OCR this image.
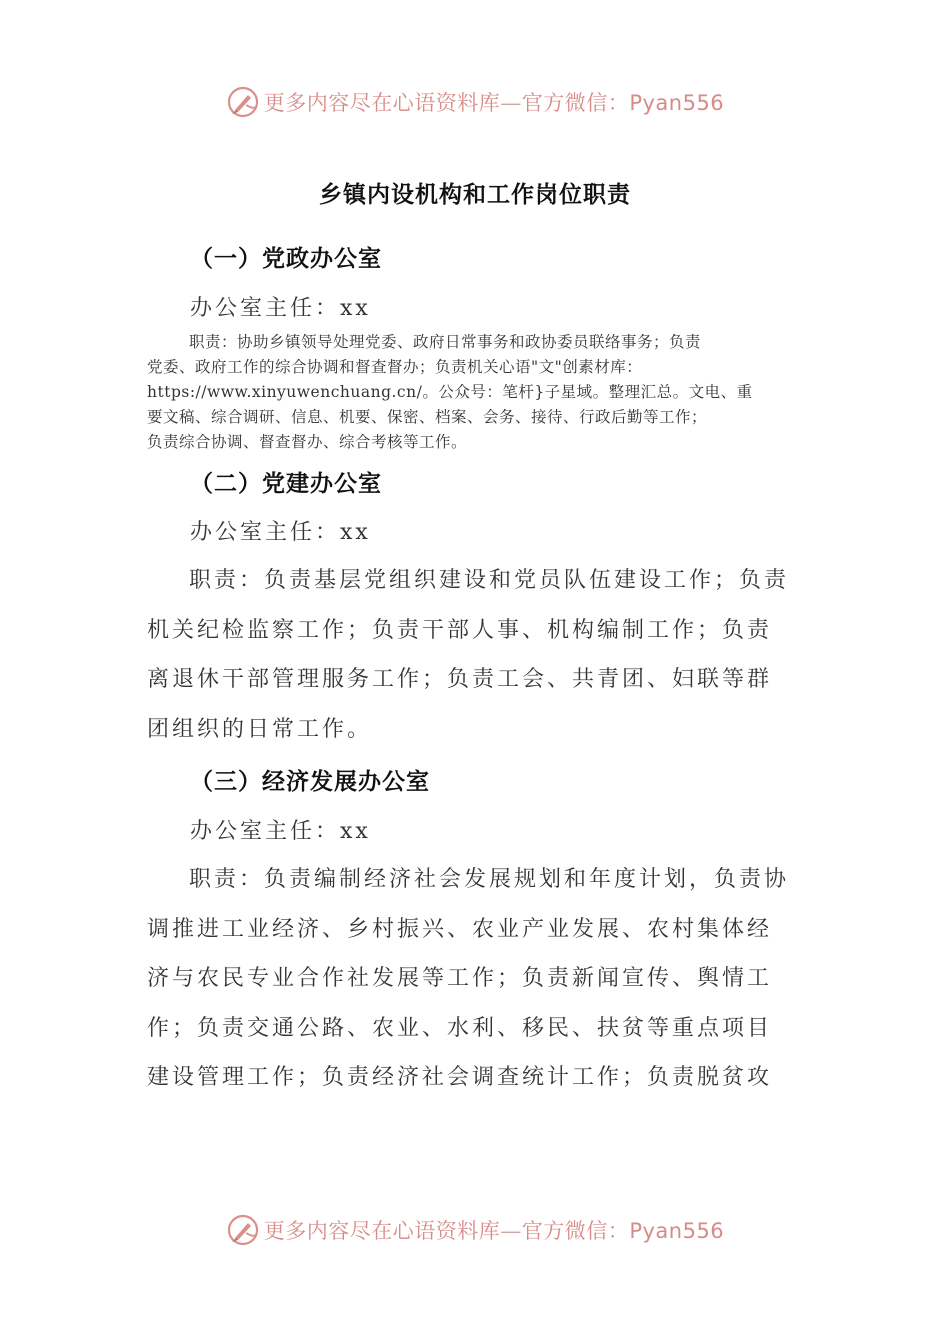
更多内容尽在心语资料库—官方微信：Pyan556
乡镇内设机构和工作岗位职责
（一）党政办公室
办公室主任：xx
职责：协助乡镇领导处理党委、政府日常事务和政协委员联络事务；负责
党委、政府工作的综合协调和督查督办；负责机关心语"文"创素材库：
https://www.xinyuwenchuang.cn/。公众号：笔杆}子星域。整理汇总。文电、重
要文稿、综合调研、信息、机要、保密、档案、会务、接待、行政后勤等工作；
负责综合协调、督查督办、综合考核等工作。
（二）党建办公室
办公室主任：xx
职责：负责基层党组织建设和党员队伍建设工作；负责
机关纪检监察工作；负责干部人事、机构编制工作；负责
离退休干部管理服务工作；负责工会、共青团、妇联等群
团组织的日常工作。
（三）经济发展办公室
办公室主任：xx
职责：负责编制经济社会发展规划和年度计划，负责协
调推进工业经济、乡村振兴、农业产业发展、农村集体经
济与农民专业合作社发展等工作；负责新闻宣传、舆情工
作；负责交通公路、农业、水利、移民、扶贫等重点项目
建设管理工作；负责经济社会调查统计工作；负责脱贫攻
更多内容尽在心语资料库—官方微信：Pyan556
